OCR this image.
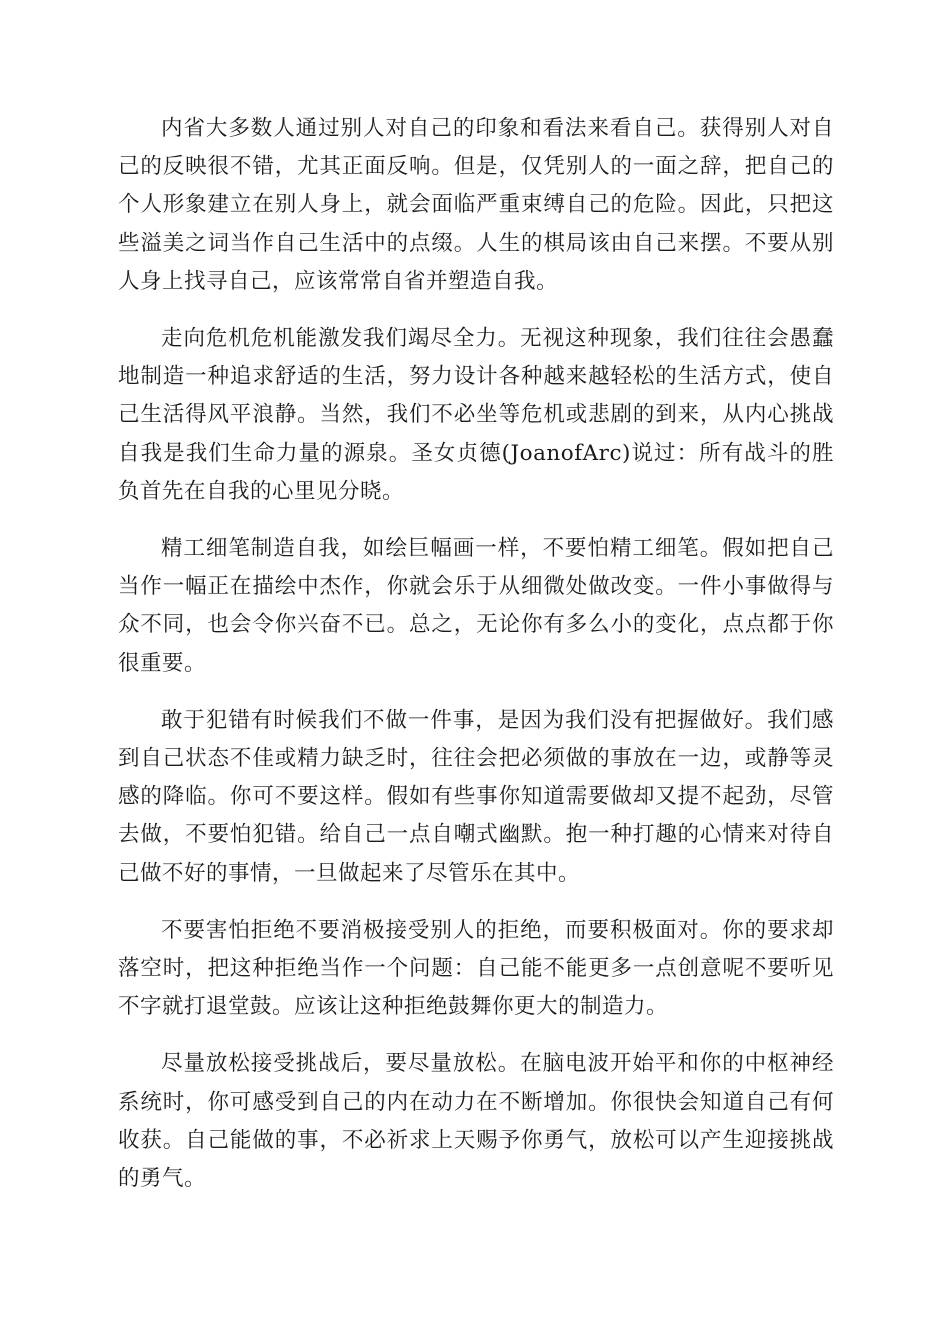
内省大多数人通过别人对自己的印象和看法来看自己。获得别人对自己的反映很不错，尤其正面反响。但是，仅凭别人的一面之辞，把自己的个人形象建立在别人身上，就会面临严重束缚自己的危险。因此，只把这些溢美之词当作自己生活中的点缀。人生的棋局该由自己来摆。不要从别人身上找寻自己，应该常常自省并塑造自我。

走向危机危机能激发我们竭尽全力。无视这种现象，我们往往会愚蠢地制造一种追求舒适的生活，努力设计各种越来越轻松的生活方式，使自己生活得风平浪静。当然，我们不必坐等危机或悲剧的到来，从内心挑战自我是我们生命力量的源泉。圣女贞德(JoanofArc)说过：所有战斗的胜负首先在自我的心里见分晓。

精工细笔制造自我，如绘巨幅画一样，不要怕精工细笔。假如把自己当作一幅正在描绘中杰作，你就会乐于从细微处做改变。一件小事做得与众不同，也会令你兴奋不已。总之，无论你有多么小的变化，点点都于你很重要。

敢于犯错有时候我们不做一件事，是因为我们没有把握做好。我们感到自己状态不佳或精力缺乏时，往往会把必须做的事放在一边，或静等灵感的降临。你可不要这样。假如有些事你知道需要做却又提不起劲，尽管去做，不要怕犯错。给自己一点自嘲式幽默。抱一种打趣的心情来对待自己做不好的事情，一旦做起来了尽管乐在其中。

不要害怕拒绝不要消极接受别人的拒绝，而要积极面对。你的要求却落空时，把这种拒绝当作一个问题：自己能不能更多一点创意呢不要听见不字就打退堂鼓。应该让这种拒绝鼓舞你更大的制造力。

尽量放松接受挑战后，要尽量放松。在脑电波开始平和你的中枢神经系统时，你可感受到自己的内在动力在不断增加。你很快会知道自己有何收获。自己能做的事，不必祈求上天赐予你勇气，放松可以产生迎接挑战的勇气。
